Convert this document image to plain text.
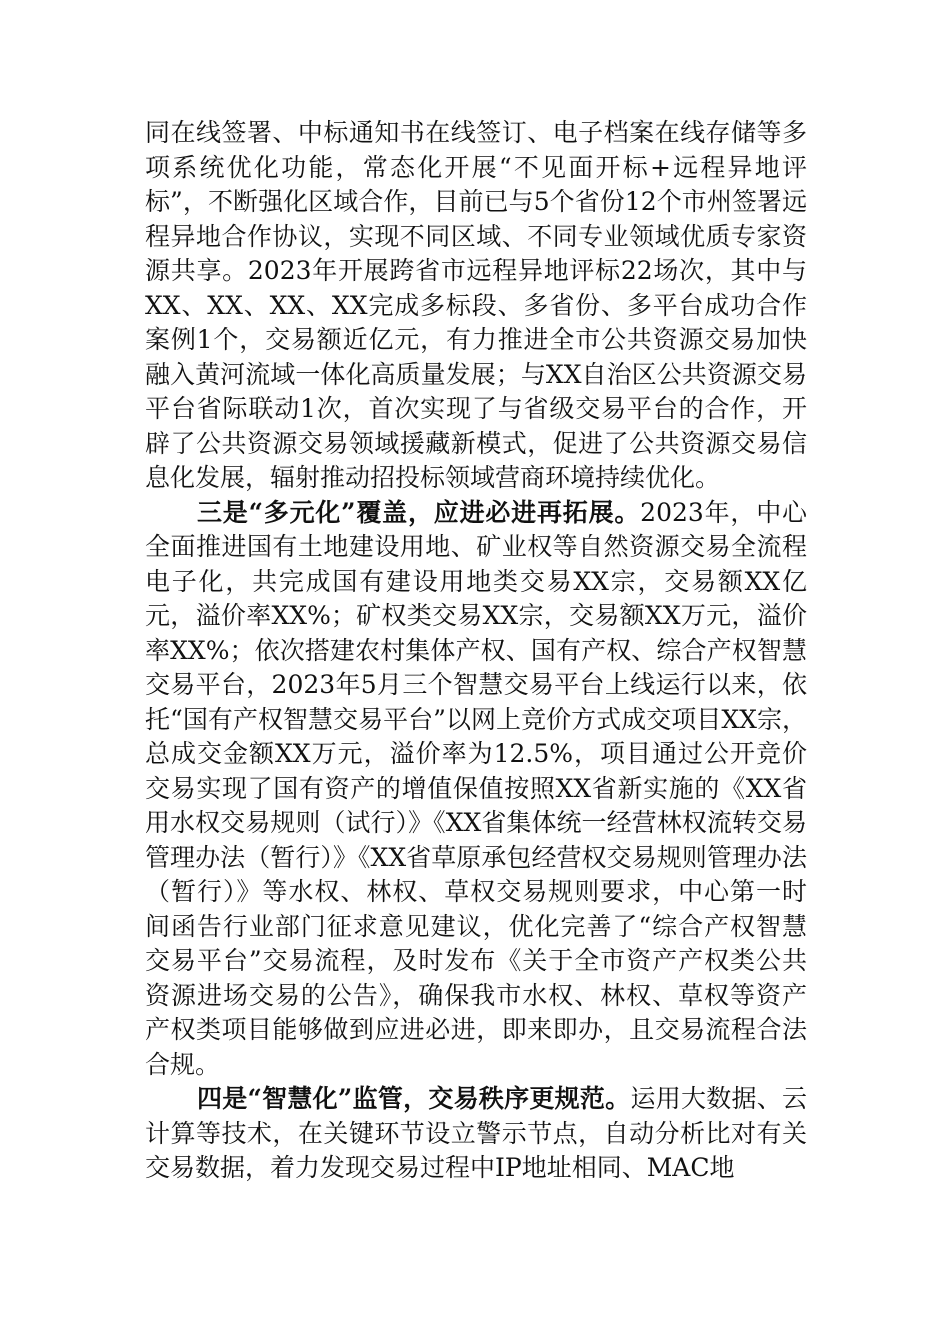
同在线签署、中标通知书在线签订、电子档案在线存储等多项系统优化功能，常态化开展“不见面开标+远程异地评标”，不断强化区域合作，目前已与5个省份12个市州签署远程异地合作协议，实现不同区域、不同专业领域优质专家资源共享。2023年开展跨省市远程异地评标22场次，其中与XX、XX、XX、XX完成多标段、多省份、多平台成功合作案例1个，交易额近亿元，有力推进全市公共资源交易加快融入黄河流域一体化高质量发展；与XX自治区公共资源交易平台省际联动1次，首次实现了与省级交易平台的合作，开辟了公共资源交易领域援藏新模式，促进了公共资源交易信息化发展，辐射推动招投标领域营商环境持续优化。

三是“多元化”覆盖，应进必进再拓展。2023年，中心全面推进国有土地建设用地、矿业权等自然资源交易全流程电子化，共完成国有建设用地类交易XX宗，交易额XX亿元，溢价率XX%；矿权类交易XX宗，交易额XX万元，溢价率XX%；依次搭建农村集体产权、国有产权、综合产权智慧交易平台，2023年5月三个智慧交易平台上线运行以来，依托“国有产权智慧交易平台”以网上竞价方式成交项目XX宗，总成交金额XX万元，溢价率为12.5%，项目通过公开竞价交易实现了国有资产的增值保值按照XX省新实施的《XX省用水权交易规则（试行）》《XX省集体统一经营林权流转交易管理办法（暂行）》《XX省草原承包经营权交易规则管理办法（暂行）》等水权、林权、草权交易规则要求，中心第一时间函告行业部门征求意见建议，优化完善了“综合产权智慧交易平台”交易流程，及时发布《关于全市资产产权类公共资源进场交易的公告》，确保我市水权、林权、草权等资产产权类项目能够做到应进必进，即来即办，且交易流程合法合规。

四是“智慧化”监管，交易秩序更规范。运用大数据、云计算等技术，在关键环节设立警示节点，自动分析比对有关交易数据，着力发现交易过程中IP地址相同、MAC地
